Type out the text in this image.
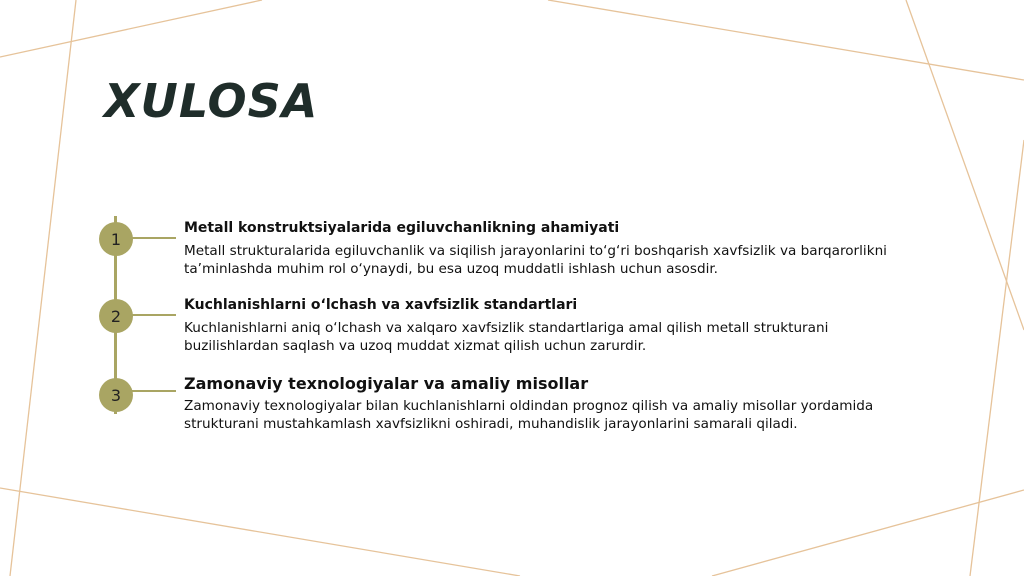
XULOSA
1
2
3
Metall konstruktsiyalarida egiluvchanlikning ahamiyati

Metall strukturalarida egiluvchanlik va siqilish jarayonlarini to‘g‘ri boshqarish xavfsizlik va barqarorlikni ta’minlashda muhim rol o‘ynaydi, bu esa uzoq muddatli ishlash uchun asosdir.

Kuchlanishlarni o‘lchash va xavfsizlik standartlari

Kuchlanishlarni aniq o‘lchash va xalqaro xavfsizlik standartlariga amal qilish metall strukturani buzilishlardan saqlash va uzoq muddat xizmat qilish uchun zarurdir.

Zamonaviy texnologiyalar va amaliy misollar

Zamonaviy texnologiyalar bilan kuchlanishlarni oldindan prognoz qilish va amaliy misollar yordamida strukturani mustahkamlash xavfsizlikni oshiradi, muhandislik jarayonlarini samarali qiladi.
